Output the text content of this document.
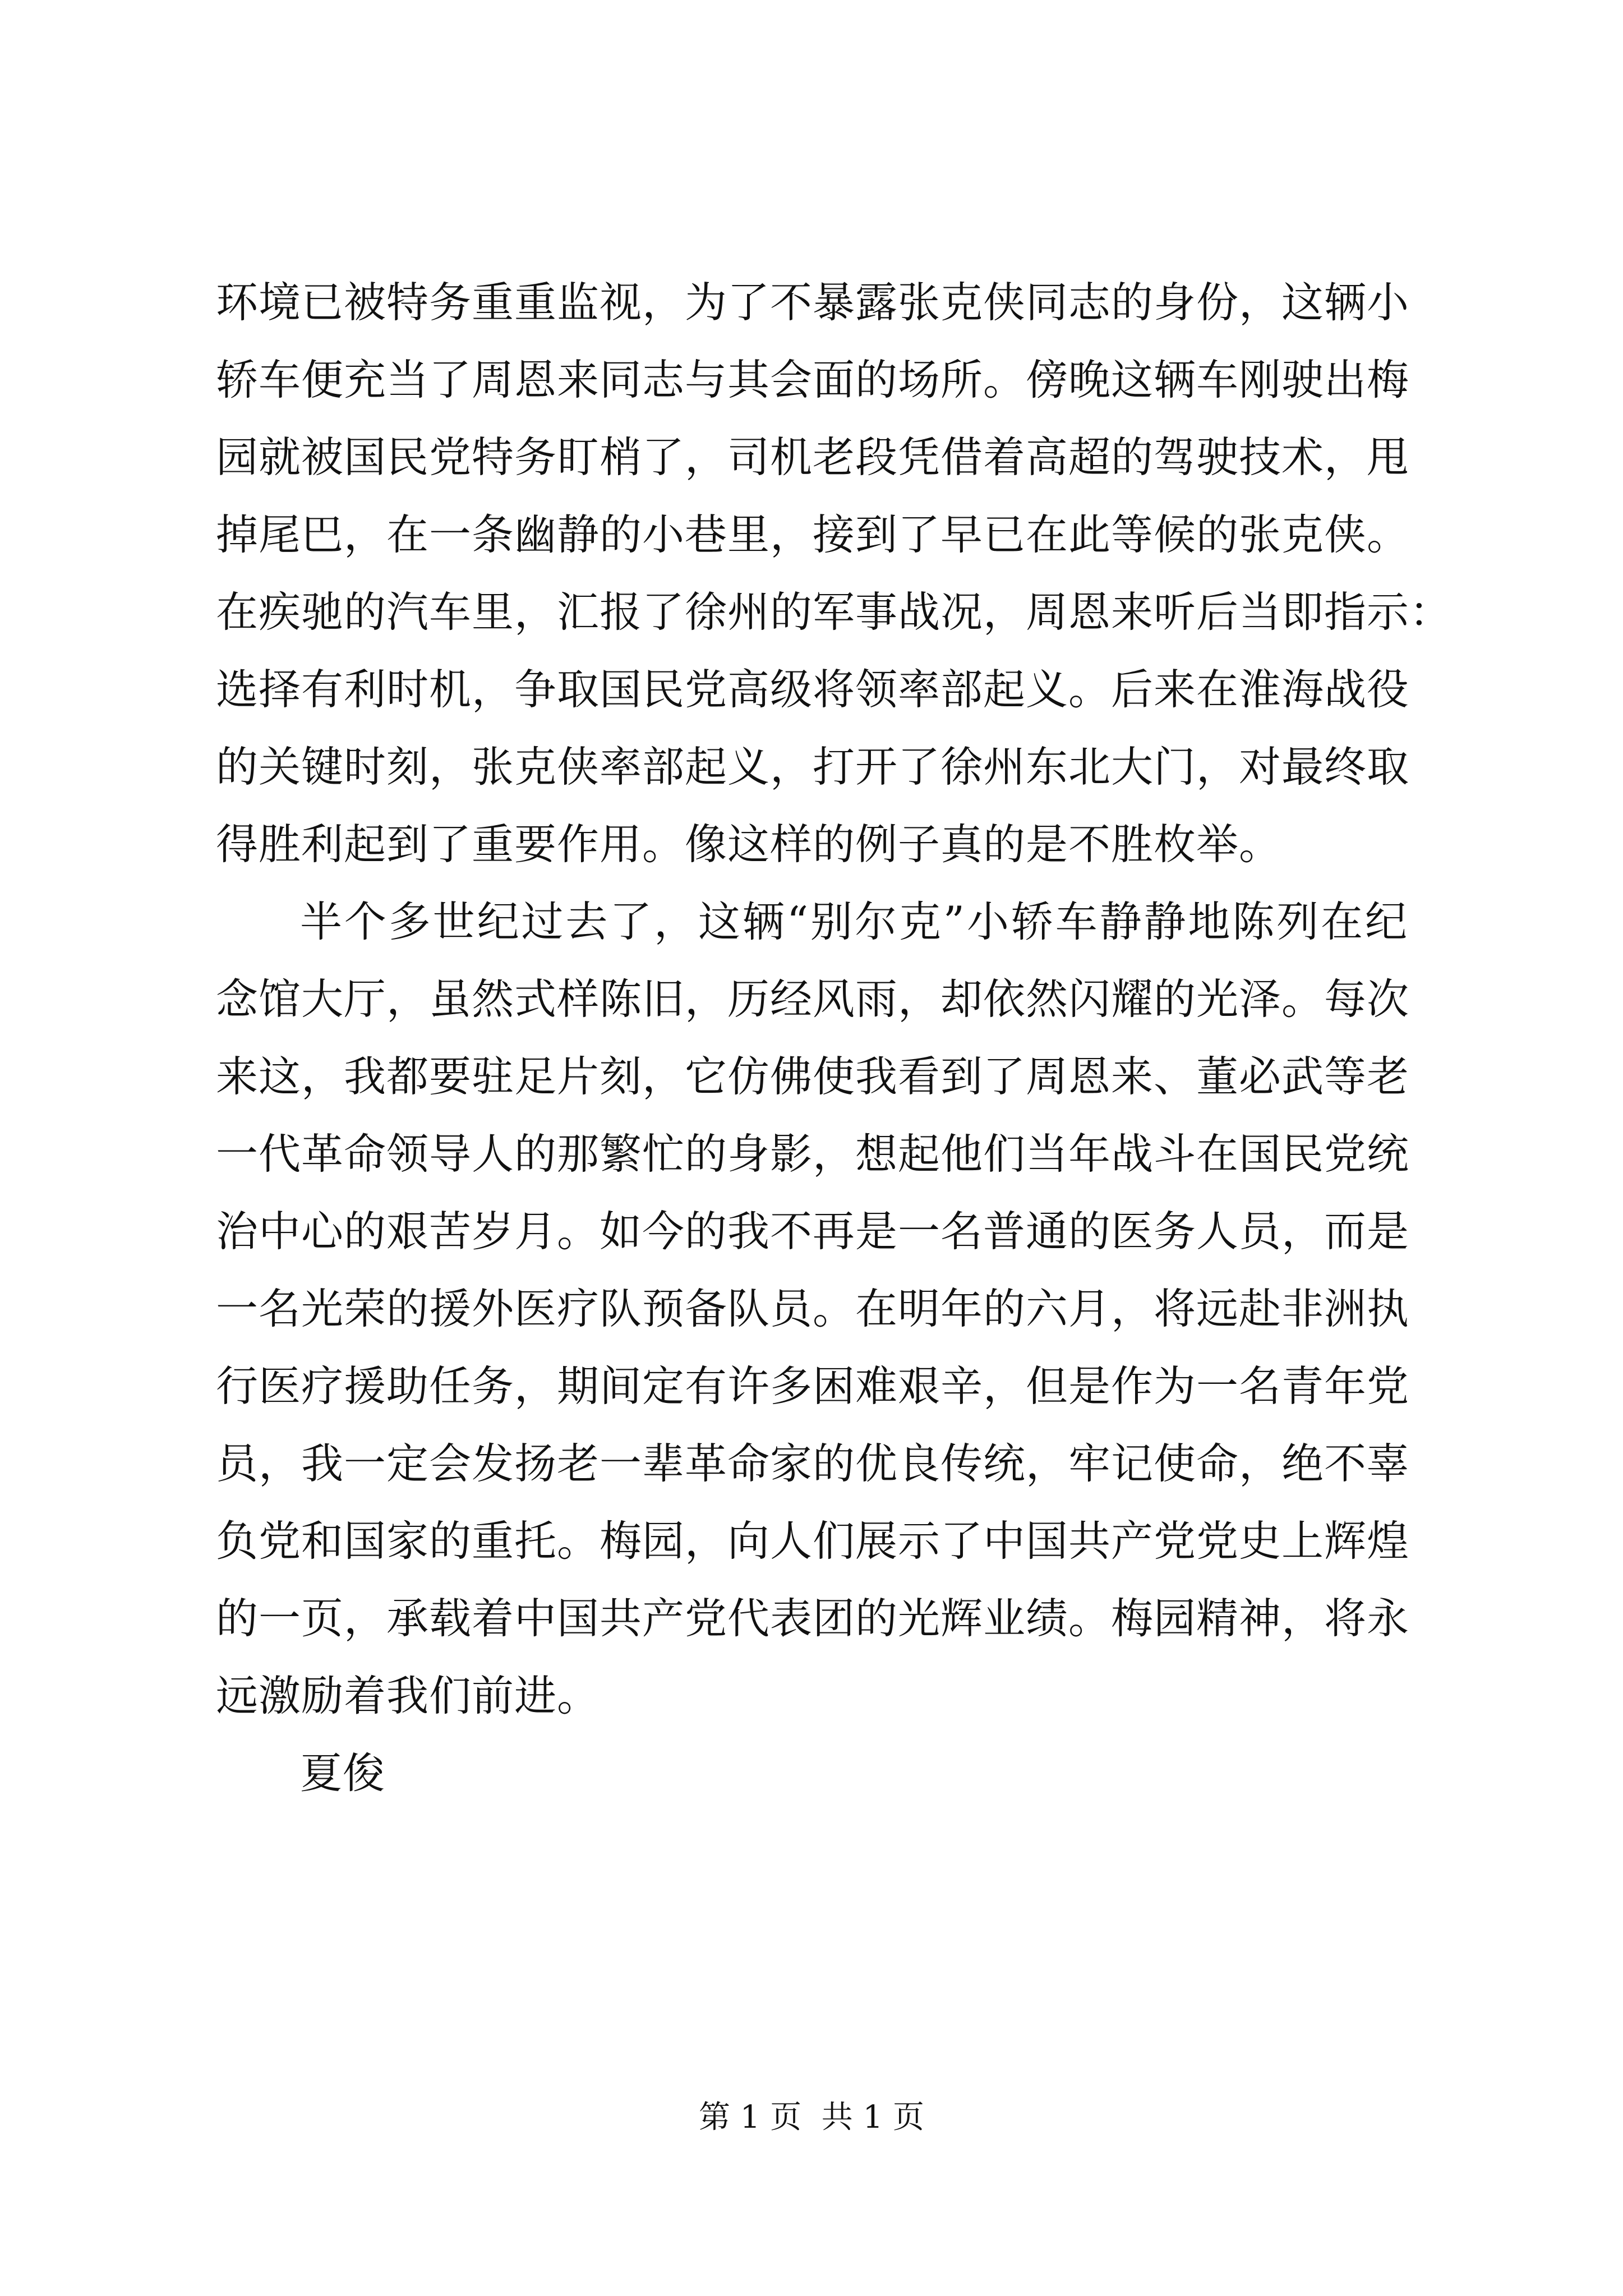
环境已被特务重重监视，为了不暴露张克侠同志的身份，这辆小
轿车便充当了周恩来同志与其会面的场所。傍晚这辆车刚驶出梅
园就被国民党特务盯梢了，司机老段凭借着高超的驾驶技术，甩
掉尾巴，在一条幽静的小巷里，接到了早已在此等候的张克侠。
在疾驰的汽车里，汇报了徐州的军事战况，周恩来听后当即指示：
选择有利时机，争取国民党高级将领率部起义。后来在淮海战役
的关键时刻，张克侠率部起义，打开了徐州东北大门，对最终取
得胜利起到了重要作用。像这样的例子真的是不胜枚举。
半个多世纪过去了，这辆“别尔克”小轿车静静地陈列在纪
念馆大厅，虽然式样陈旧，历经风雨，却依然闪耀的光泽。每次
来这，我都要驻足片刻，它仿佛使我看到了周恩来、董必武等老
一代革命领导人的那繁忙的身影，想起他们当年战斗在国民党统
治中心的艰苦岁月。如今的我不再是一名普通的医务人员，而是
一名光荣的援外医疗队预备队员。在明年的六月，将远赴非洲执
行医疗援助任务，期间定有许多困难艰辛，但是作为一名青年党
员，我一定会发扬老一辈革命家的优良传统，牢记使命，绝不辜
负党和国家的重托。梅园，向人们展示了中国共产党党史上辉煌
的一页，承载着中国共产党代表团的光辉业绩。梅园精神，将永
远激励着我们前进。
夏俊
第 1 页  共 1 页
